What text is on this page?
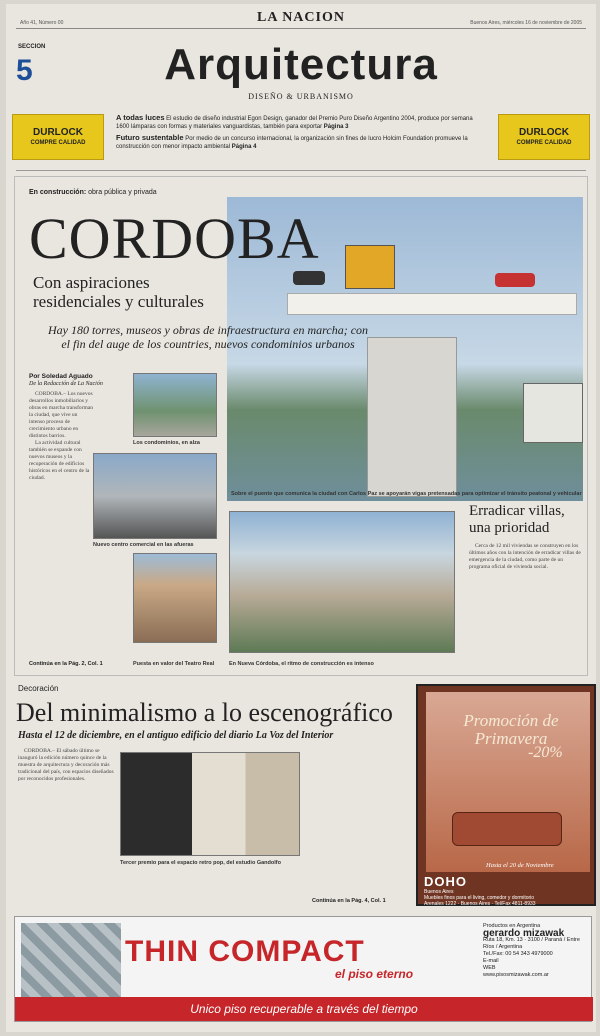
LA NACION
Año 41, Número 00	Buenos Aires, miércoles 16 de noviembre de 2005
SECCION
5	Arquitectura
DISEÑO & URBANISMO
DURLOCK
COMPRE CALIDAD
A todas luces El estudio de diseño industrial Egon Design, ganador del Premio Puro Diseño Argentino 2004, produce por semana 1600 lámparas con formas y materiales vanguardistas, también para exportar Página 3
Futuro sustentable Por medio de un concurso internacional, la organización sin fines de lucro Holcim Foundation promueve la construcción con menor impacto ambiental Página 4
DURLOCK
COMPRE CALIDAD
En construcción: obra pública y privada
CORDOBA
Con aspiraciones residenciales y culturales
Hay 180 torres, museos y obras de infraestructura en marcha; con el fin del auge de los countries, nuevos condominios urbanos
Por Soledad Aguado
De la Redacción de La Nación

CORDOBA.– Los nuevos desarrollos inmobiliarios y obras en marcha transforman la ciudad, que vive un intenso proceso de crecimiento urbano en distintos barrios.

La actividad cultural también se expande con nuevos museos y la recuperación de edificios históricos en el centro de la ciudad.

Los condominios, en alza
Nuevo centro comercial en las afueras
Puesta en valor del Teatro Real
Sobre el puente que comunica la ciudad con Carlos Paz se apoyarán vigas pretensadas para optimizar el tránsito peatonal y vehicular
En Nueva Córdoba, el ritmo de construcción es intenso
Erradicar villas, una prioridad

Cerca de 12 mil viviendas se construyen en los últimos años con la intención de erradicar villas de emergencia de la ciudad, como parte de un programa oficial de vivienda social.

Continúa en la Pág. 2, Col. 1
Decoración
Del minimalismo a lo escenográfico
Hasta el 12 de diciembre, en el antiguo edificio del diario La Voz del Interior

CORDOBA.– El sábado último se inauguró la edición número quince de la muestra de arquitectura y decoración más tradicional del país, con espacios diseñados por reconocidos profesionales.

Tercer premio para el espacio retro pop, del estudio Gandolfo
Continúa en la Pág. 4, Col. 1
Promoción de Primavera
-20%
Hasta el 20 de Noviembre
DOHO
Buenos Aires
Muebles finos para el living, comedor y dormitorio
Arenales 1222 · Buenos Aires · Tel/Fax 4811-8933
THIN COMPACT
el piso eterno
Productos en Argentina
gerardo mizawak
Ruta 18, Km. 13 · 3100 / Paraná / Entre Ríos / Argentina
Tel./Fax: 00 54 343 4979000
E-mail
WEB
www.pisosmizawak.com.ar
Unico piso recuperable a través del tiempo
